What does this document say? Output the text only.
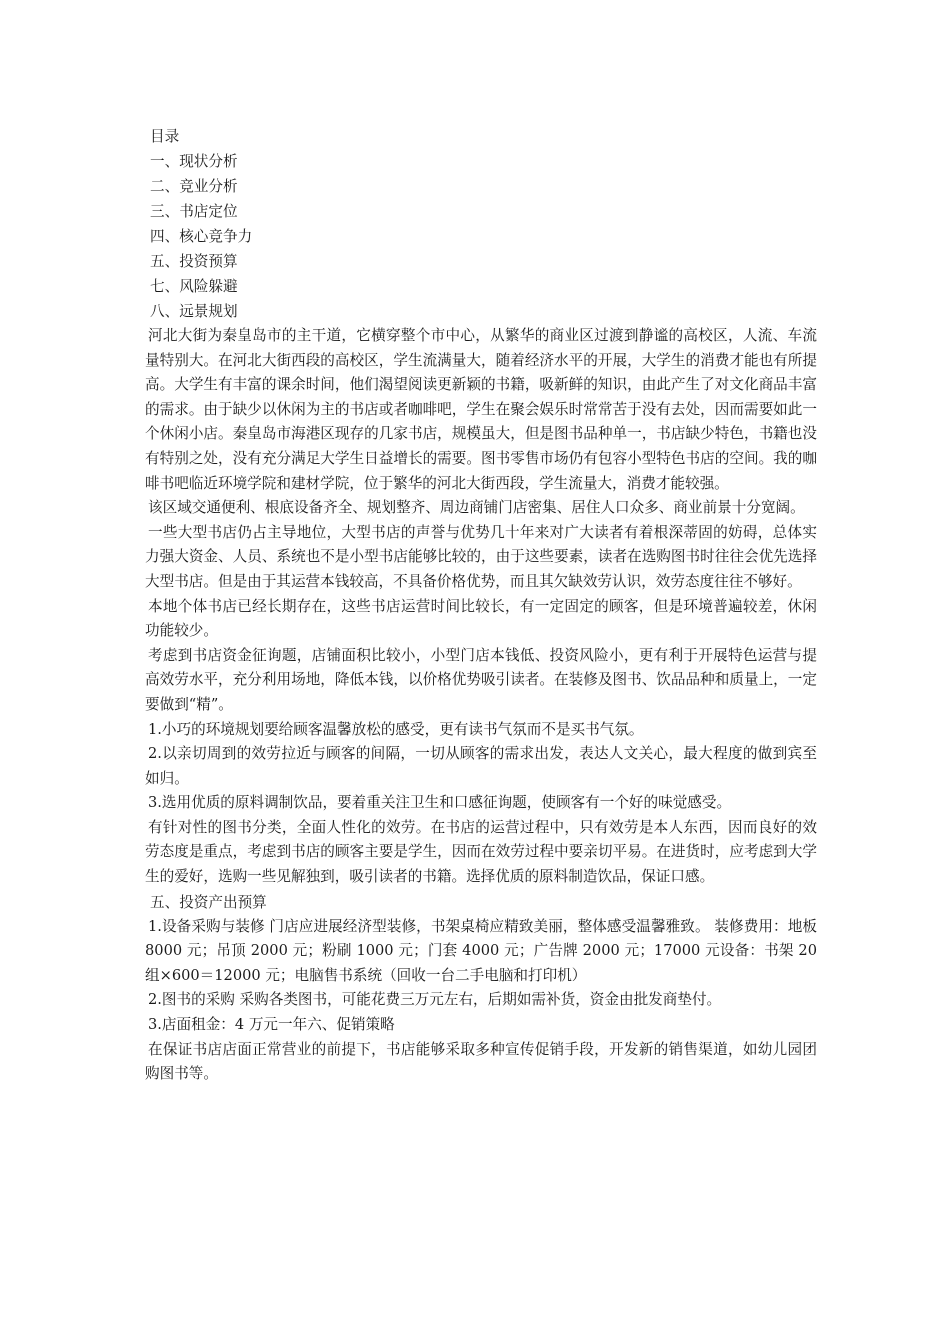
目录

一、现状分析

二、竞业分析

三、书店定位

四、核心竞争力

五、投资预算

七、风险躲避

八、远景规划

河北大街为秦皇岛市的主干道，它横穿整个市中心，从繁华的商业区过渡到静谧的高校区，人流、车流量特别大。在河北大街西段的高校区，学生流满量大，随着经济水平的开展，大学生的消费才能也有所提高。大学生有丰富的课余时间，他们渴望阅读更新颖的书籍，吸新鲜的知识，由此产生了对文化商品丰富的需求。由于缺少以休闲为主的书店或者咖啡吧，学生在聚会娱乐时常常苦于没有去处，因而需要如此一个休闲小店。秦皇岛市海港区现存的几家书店，规模虽大，但是图书品种单一，书店缺少特色，书籍也没有特别之处，没有充分满足大学生日益增长的需要。图书零售市场仍有包容小型特色书店的空间。我的咖啡书吧临近环境学院和建材学院，位于繁华的河北大街西段，学生流量大，消费才能较强。

该区域交通便利、根底设备齐全、规划整齐、周边商铺门店密集、居住人口众多、商业前景十分宽阔。

一些大型书店仍占主导地位，大型书店的声誉与优势几十年来对广大读者有着根深蒂固的妨碍，总体实力强大资金、人员、系统也不是小型书店能够比较的，由于这些要素，读者在选购图书时往往会优先选择大型书店。但是由于其运营本钱较高，不具备价格优势，而且其欠缺效劳认识，效劳态度往往不够好。

本地个体书店已经长期存在，这些书店运营时间比较长，有一定固定的顾客，但是环境普遍较差，休闲功能较少。

考虑到书店资金征询题，店铺面积比较小，小型门店本钱低、投资风险小，更有利于开展特色运营与提高效劳水平，充分利用场地，降低本钱，以价格优势吸引读者。在装修及图书、饮品品种和质量上，一定要做到“精”。

1.小巧的环境规划要给顾客温馨放松的感受，更有读书气氛而不是买书气氛。

2.以亲切周到的效劳拉近与顾客的间隔，一切从顾客的需求出发，表达人文关心，最大程度的做到宾至如归。

3.选用优质的原料调制饮品，要着重关注卫生和口感征询题，使顾客有一个好的味觉感受。

有针对性的图书分类，全面人性化的效劳。在书店的运营过程中，只有效劳是本人东西，因而良好的效劳态度是重点，考虑到书店的顾客主要是学生，因而在效劳过程中要亲切平易。在进货时，应考虑到大学生的爱好，选购一些见解独到，吸引读者的书籍。选择优质的原料制造饮品，保证口感。

五、投资产出预算

1.设备采购与装修 门店应进展经济型装修，书架桌椅应精致美丽，整体感受温馨雅致。 装修费用：地板 8000 元；吊顶 2000 元；粉刷 1000 元；门套 4000 元；广告牌 2000 元；17000 元设备：书架 20 组×600＝12000 元；电脑售书系统（回收一台二手电脑和打印机）

2.图书的采购 采购各类图书，可能花费三万元左右，后期如需补货，资金由批发商垫付。

3.店面租金：4 万元一年六、促销策略

在保证书店店面正常营业的前提下，书店能够采取多种宣传促销手段，开发新的销售渠道，如幼儿园团购图书等。
